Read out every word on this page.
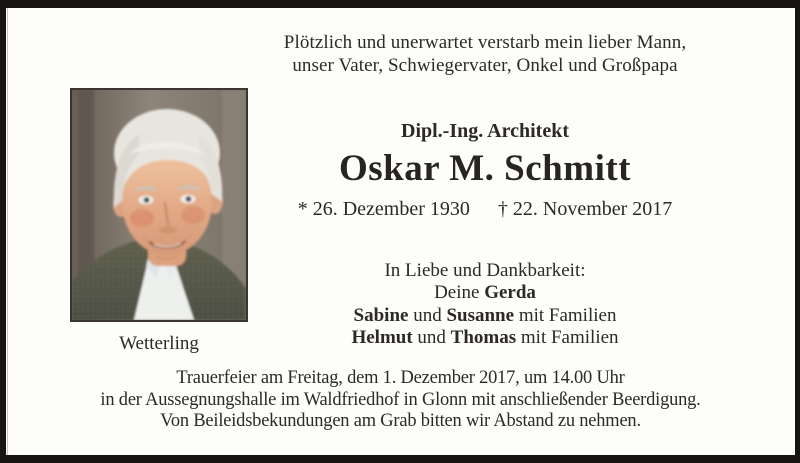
Plötzlich und unerwartet verstarb mein lieber Mann,
unser Vater, Schwiegervater, Onkel und Großpapa
Wetterling
Dipl.-Ing. Architekt
Oskar M. Schmitt
* 26. Dezember 1930 † 22. November 2017
In Liebe und Dankbarkeit:
Deine Gerda
Sabine und Susanne mit Familien
Helmut und Thomas mit Familien
Trauerfeier am Freitag, dem 1. Dezember 2017, um 14.00 Uhr
in der Aussegnungshalle im Waldfriedhof in Glonn mit anschließender Beerdigung.
Von Beileidsbekundungen am Grab bitten wir Abstand zu nehmen.
